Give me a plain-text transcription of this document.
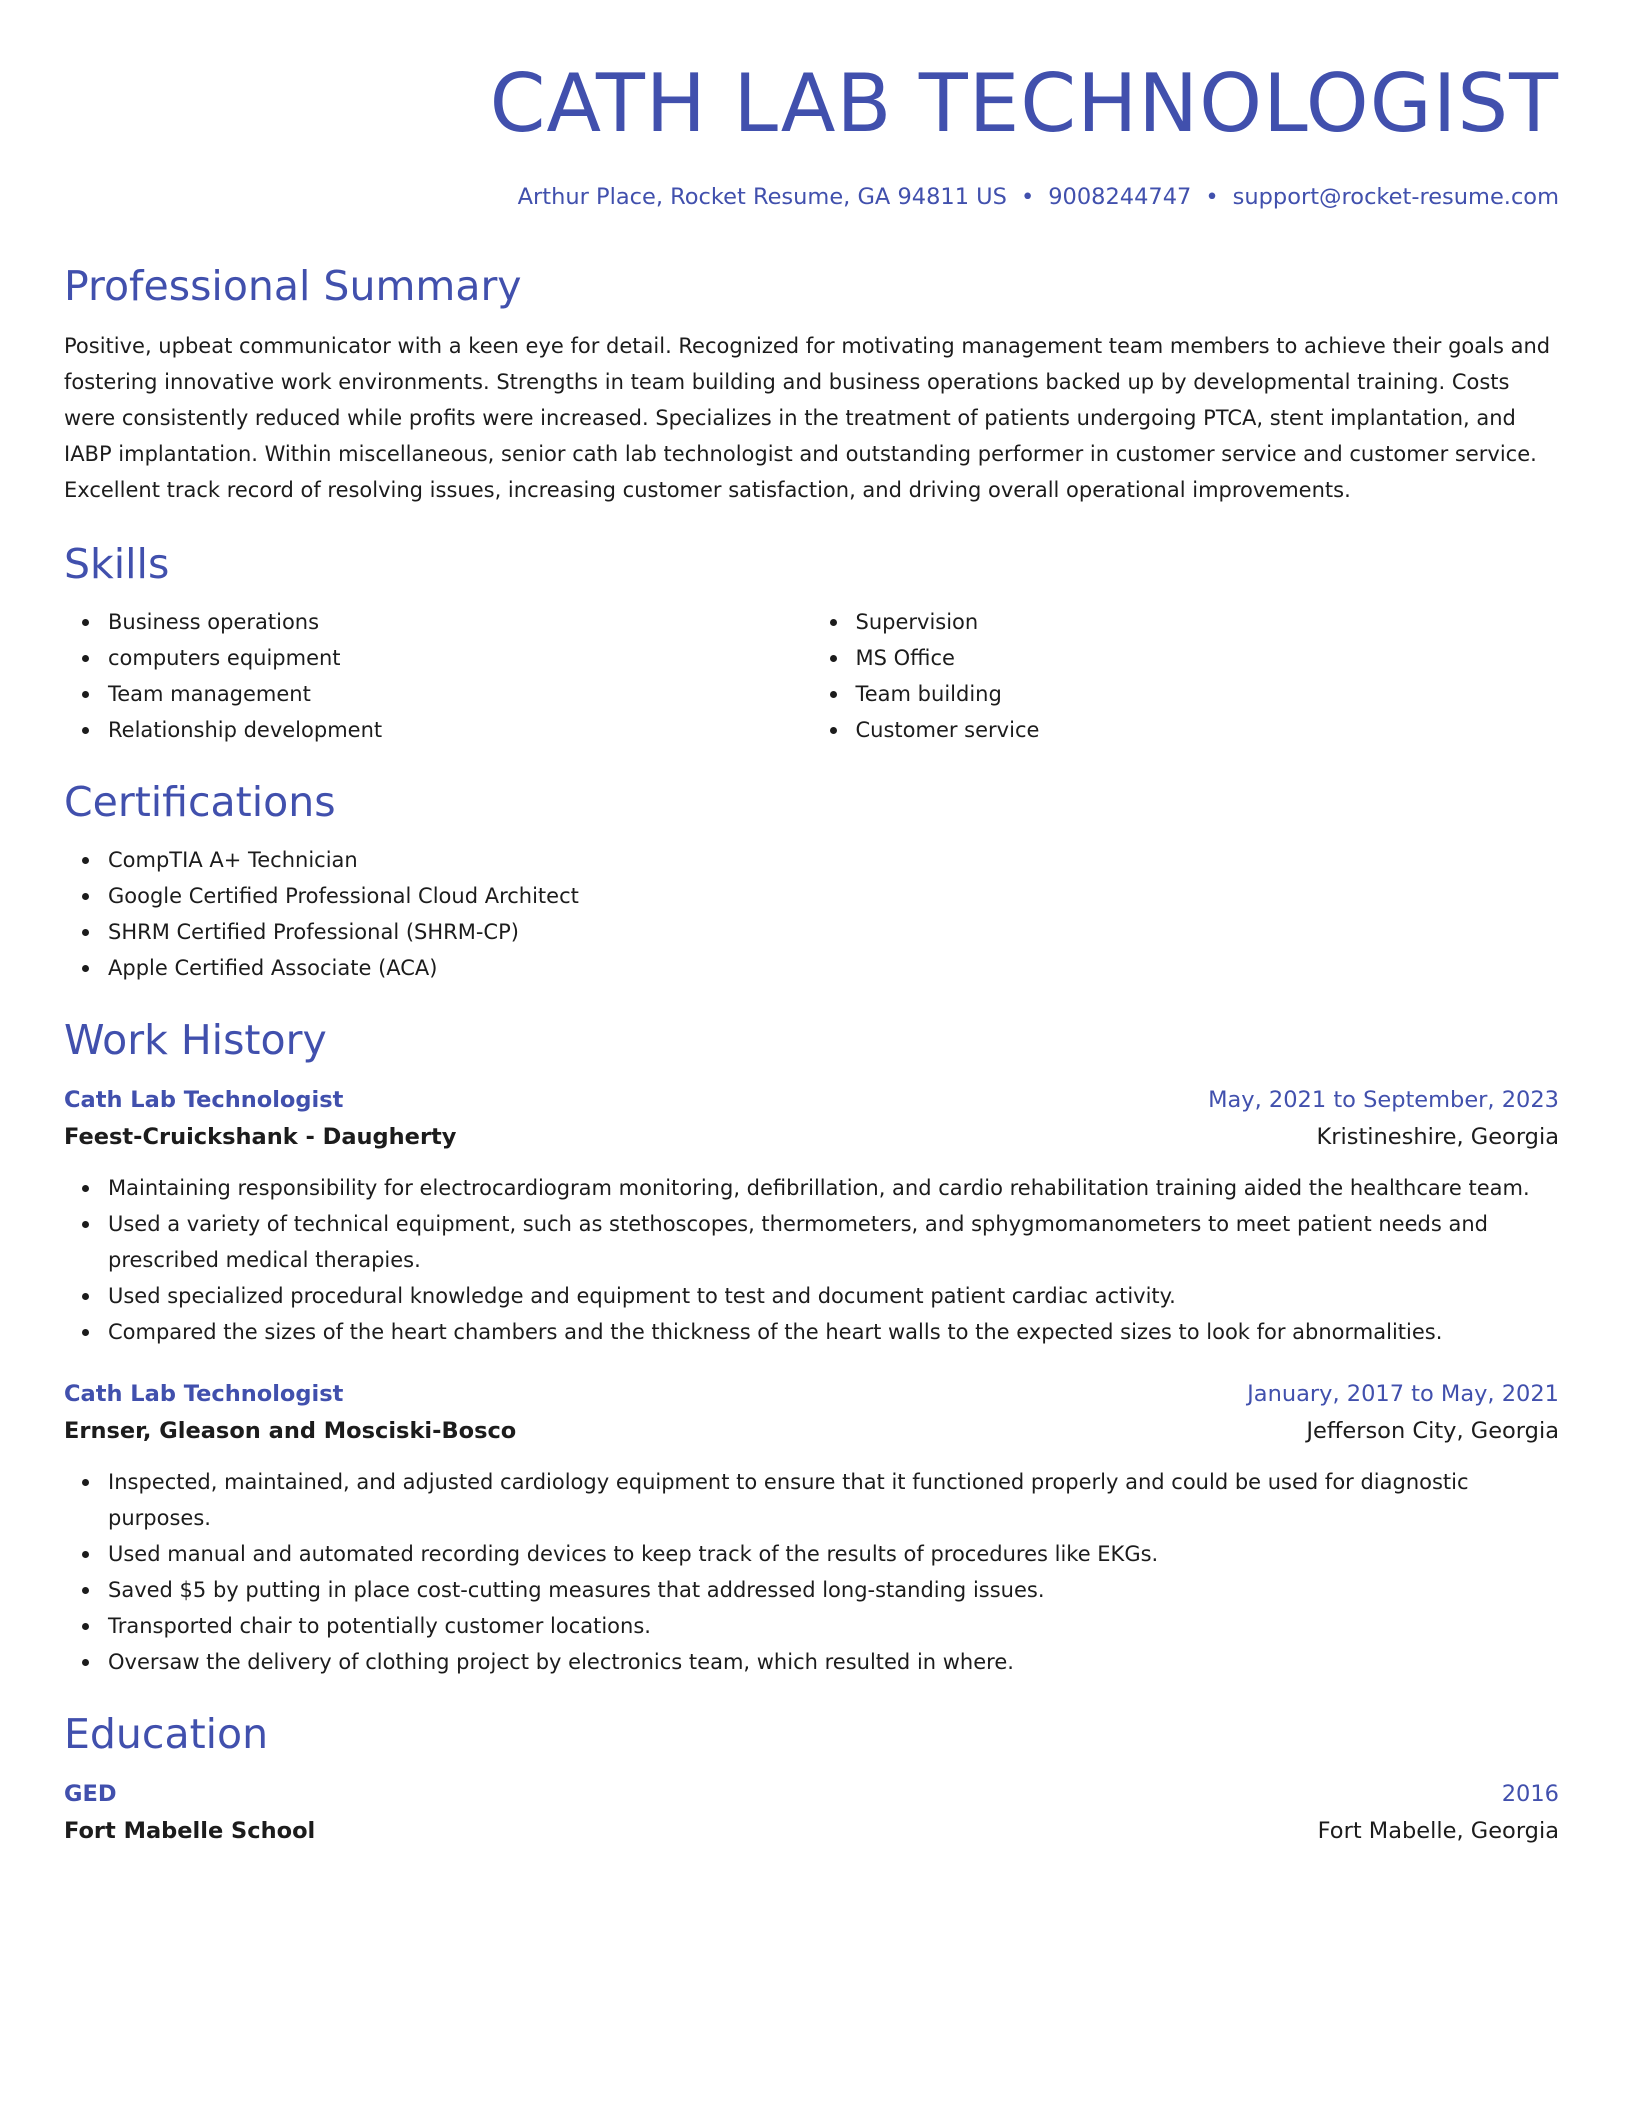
CATH LAB TECHNOLOGIST
Arthur Place, Rocket Resume, GA 94811 US • 9008244747 • support@rocket-resume.com
Professional Summary

Positive, upbeat communicator with a keen eye for detail. Recognized for motivating management team members to achieve their goals and fostering innovative work environments. Strengths in team building and business operations backed up by developmental training. Costs were consistently reduced while profits were increased. Specializes in the treatment of patients undergoing PTCA, stent implantation, and IABP implantation. Within miscellaneous, senior cath lab technologist and outstanding performer in customer service and customer service. Excellent track record of resolving issues, increasing customer satisfaction, and driving overall operational improvements.

Skills
Business operations
computers equipment
Team management
Relationship development
Supervision
MS Office
Team building
Customer service
Certifications
CompTIA A+ Technician
Google Certified Professional Cloud Architect
SHRM Certified Professional (SHRM-CP)
Apple Certified Associate (ACA)
Work History
Cath Lab Technologist	May, 2021 to September, 2023
Feest-Cruickshank - Daugherty	Kristineshire, Georgia
Maintaining responsibility for electrocardiogram monitoring, defibrillation, and cardio rehabilitation training aided the healthcare team.
Used a variety of technical equipment, such as stethoscopes, thermometers, and sphygmomanometers to meet patient needs and prescribed medical therapies.
Used specialized procedural knowledge and equipment to test and document patient cardiac activity.
Compared the sizes of the heart chambers and the thickness of the heart walls to the expected sizes to look for abnormalities.
Cath Lab Technologist	January, 2017 to May, 2021
Ernser, Gleason and Mosciski-Bosco	Jefferson City, Georgia
Inspected, maintained, and adjusted cardiology equipment to ensure that it functioned properly and could be used for diagnostic purposes.
Used manual and automated recording devices to keep track of the results of procedures like EKGs.
Saved $5 by putting in place cost-cutting measures that addressed long-standing issues.
Transported chair to potentially customer locations.
Oversaw the delivery of clothing project by electronics team, which resulted in where.
Education
GED	2016
Fort Mabelle School	Fort Mabelle, Georgia
